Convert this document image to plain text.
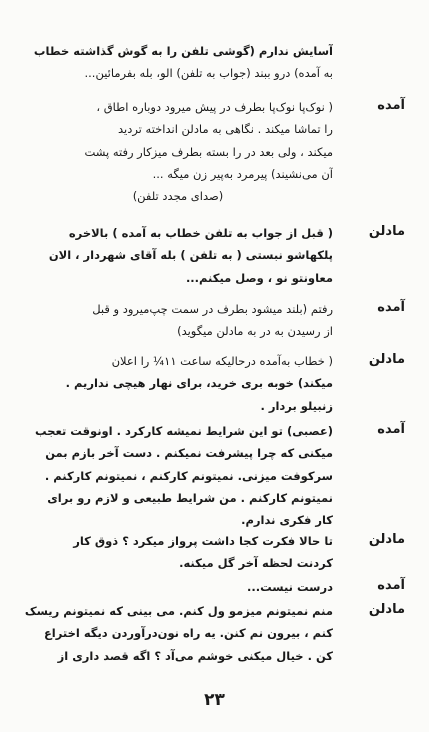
آسایش ندارم (گوشی تلفن را به گوش گذاشته خطاب
به آمده) درو ببند (جواب به تلفن) الو، بله بفرمائین...

آمده

( نوک‌پا نوک‌پا بطرف در پیش میرود دوباره اطاق ،
را تماشا میکند . نگاهی به مادلن انداخته تردید
میکند ، ولی بعد در را بسته بطرف میزکار رفته پشت
آن می‌نشیند) پیرمرد به‌پیر زن میگه ...
(صدای مجدد تلفن)

مادلن

( قبل از جواب به تلفن خطاب به آمده ) بالاخره
پلکهاشو نبستی ( به تلفن ) بله آقای شهردار ، الان
معاونتو نو ، وصل میکنم...

آمده

رفتم (بلند میشود بطرف در سمت چپ‌میرود و قبل
از رسیدن به در به مادلن میگوید)

مادلن

( خطاب به‌آمده درحالیکه ساعت ۱۱¼ را اعلان
میکند) خوبه بری خرید، برای نهار هیچی نداریم .
زنبیلو بردار .

آمده

(عصبی) تو این شرایط نمیشه کارکرد . اونوقت تعجب
میکنی که چرا پیشرفت نمیکنم . دست آخر بازم بمن
سرکوفت میزنی. نمیتونم کارکنم ، نمیتونم کارکنم .
نمیتونم کارکنم . من شرایط طبیعی و لازم رو برای
کار فکری ندارم.

مادلن

تا حالا فکرت کجا داشت پرواز میکرد ؟ ذوق کار
کردنت لحظه آخر گل میکنه.

آمده

درست نیست...

مادلن

منم نمیتونم میزمو ول کنم. می بینی که نمیتونم ریسک
کنم ، بیرون نم کنن. یه راه نون‌درآوردن دیگه اختراع
کن . خیال میکنی خوشم می‌آد ؟ اگه قصد داری از

۲۳
